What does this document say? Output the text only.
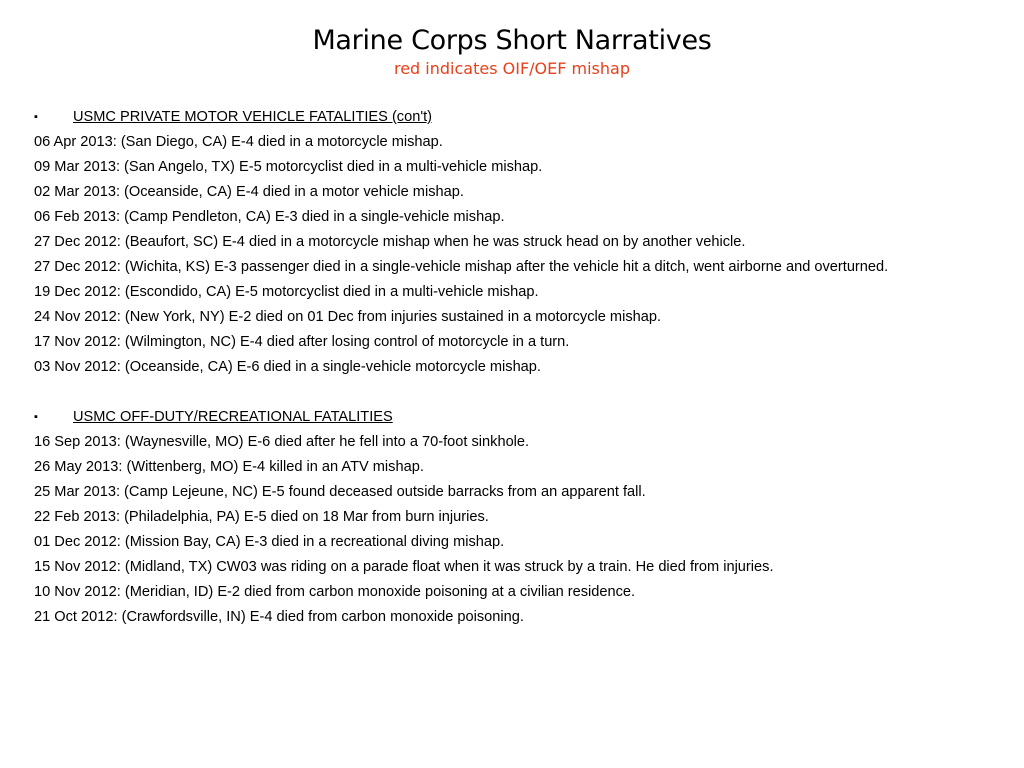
Marine Corps Short Narratives
red indicates OIF/OEF mishap
▪ USMC PRIVATE MOTOR VEHICLE FATALITIES (con't)
06 Apr 2013: (San Diego, CA) E-4 died in a motorcycle mishap.
09 Mar 2013: (San Angelo, TX) E-5 motorcyclist died in a multi-vehicle mishap.
02 Mar 2013: (Oceanside, CA) E-4 died in a motor vehicle mishap.
06 Feb 2013: (Camp Pendleton, CA) E-3 died in a single-vehicle mishap.
27 Dec 2012: (Beaufort, SC) E-4 died in a motorcycle mishap when he was struck head on by another vehicle.
27 Dec 2012: (Wichita, KS) E-3 passenger died in a single-vehicle mishap after the vehicle hit a ditch, went airborne and overturned.
19 Dec 2012: (Escondido, CA) E-5 motorcyclist died in a multi-vehicle mishap.
24 Nov 2012: (New York, NY) E-2 died on 01 Dec from injuries sustained in a motorcycle mishap.
17 Nov 2012: (Wilmington, NC) E-4 died after losing control of motorcycle in a turn.
03 Nov 2012: (Oceanside, CA) E-6 died in a single-vehicle motorcycle mishap.
▪ USMC OFF-DUTY/RECREATIONAL FATALITIES
16 Sep 2013: (Waynesville, MO) E-6 died after he fell into a 70-foot sinkhole.
26 May 2013: (Wittenberg, MO) E-4 killed in an ATV mishap.
25 Mar 2013: (Camp Lejeune, NC) E-5 found deceased outside barracks from an apparent fall.
22 Feb 2013: (Philadelphia, PA) E-5 died on 18 Mar from burn injuries.
01 Dec 2012: (Mission Bay, CA) E-3 died in a recreational diving mishap.
15 Nov 2012: (Midland, TX) CW03 was riding on a parade float when it was struck by a train. He died from injuries.
10 Nov 2012: (Meridian, ID) E-2 died from carbon monoxide poisoning at a civilian residence.
21 Oct 2012: (Crawfordsville, IN) E-4 died from carbon monoxide poisoning.
